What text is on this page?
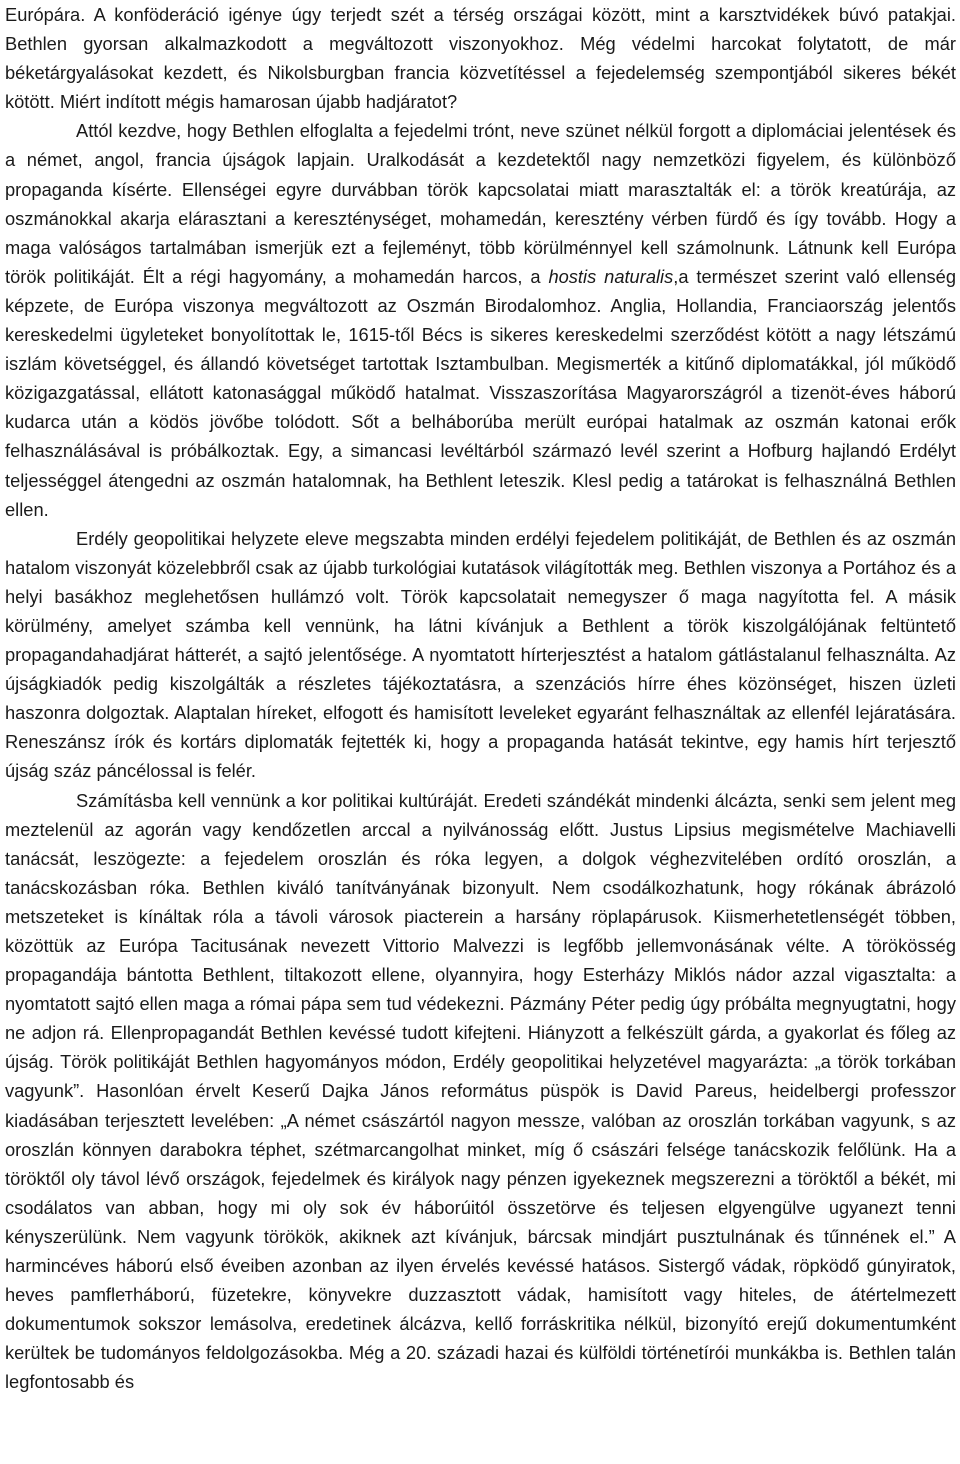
Európára. A konföderáció igénye úgy terjedt szét a térség országai között, mint a karsztvidékek búvó patakjai. Bethlen gyorsan alkalmazkodott a megváltozott viszonyokhoz. Még védelmi harcokat folytatott, de már béketárgyalásokat kezdett, és Nikolsburgban francia közvetítéssel a fejedelemség szempontjából sikeres békét kötött. Miért indított mégis hamarosan újabb hadjáratot?

Attól kezdve, hogy Bethlen elfoglalta a fejedelmi trónt, neve szünet nélkül forgott a diplomáciai jelentések és a német, angol, francia újságok lapjain. Uralkodását a kezdetektől nagy nemzetközi figyelem, és különböző propaganda kísérte. Ellenségei egyre durvábban török kapcsolatai miatt marasztalták el: a török kreatúrája, az oszmánokkal akarja elárasztani a kereszténységet, mohamedán, keresztény vérben fürdő és így tovább. Hogy a maga valóságos tartalmában ismerjük ezt a fejleményt, több körülménnyel kell számolnunk. Látnunk kell Európa török politikáját. Élt a régi hagyomány, a mohamedán harcos, a hostis naturalis,a természet szerint való ellenség képzete, de Európa viszonya megváltozott az Oszmán Birodalomhoz. Anglia, Hollandia, Franciaország jelentős kereskedelmi ügyleteket bonyolítottak le, 1615-től Bécs is sikeres kereskedelmi szerződést kötött a nagy létszámú iszlám követséggel, és állandó követséget tartottak Isztambulban. Megismerték a kitűnő diplomatákkal, jól működő közigazgatással, ellátott katonasággal működő hatalmat. Visszaszorítása Magyarországról a tizenöt-éves háború kudarca után a ködös jövőbe tolódott. Sőt a belháborúba merült európai hatalmak az oszmán katonai erők felhasználásával is próbálkoztak. Egy, a simancasi levéltárból származó levél szerint a Hofburg hajlandó Erdélyt teljességgel átengedni az oszmán hatalomnak, ha Bethlent leteszik. Klesl pedig a tatárokat is felhasználná Bethlen ellen.

Erdély geopolitikai helyzete eleve megszabta minden erdélyi fejedelem politikáját, de Bethlen és az oszmán hatalom viszonyát közelebbről csak az újabb turkológiai kutatások világították meg. Bethlen viszonya a Portához és a helyi basákhoz meglehetősen hullámzó volt. Török kapcsolatait nemegyszer ő maga nagyította fel. A másik körülmény, amelyet számba kell vennünk, ha látni kívánjuk a Bethlent a török kiszolgálójának feltüntető propagandahadjárat hátterét, a sajtó jelentősége. A nyomtatott hírterjesztést a hatalom gátlástalanul felhasználta. Az újságkiadók pedig kiszolgálták a részletes tájékoztatásra, a szenzációs hírre éhes közönséget, hiszen üzleti haszonra dolgoztak. Alaptalan híreket, elfogott és hamisított leveleket egyaránt felhasználtak az ellenfél lejáratására. Reneszánsz írók és kortárs diplomaták fejtették ki, hogy a propaganda hatását tekintve, egy hamis hírt terjesztő újság száz páncélossal is felér.

Számításba kell vennünk a kor politikai kultúráját. Eredeti szándékát mindenki álcázta, senki sem jelent meg meztelenül az agorán vagy kendőzetlen arccal a nyilvánosság előtt. Justus Lipsius megismételve Machiavelli tanácsát, leszögezte: a fejedelem oroszlán és róka legyen, a dolgok véghezvitelében ordító oroszlán, a tanácskozásban róka. Bethlen kiváló tanítványának bizonyult. Nem csodálkozhatunk, hogy rókának ábrázoló metszeteket is kínáltak róla a távoli városok piacterein a harsány röplapárusok. Kiismerhetetlenségét többen, közöttük az Európa Tacitusának nevezett Vittorio Malvezzi is legfőbb jellemvonásának vélte. A törökösség propagandája bántotta Bethlent, tiltakozott ellene, olyannyira, hogy Esterházy Miklós nádor azzal vigasztalta: a nyomtatott sajtó ellen maga a római pápa sem tud védekezni. Pázmány Péter pedig úgy próbálta megnyugtatni, hogy ne adjon rá. Ellenpropagandát Bethlen kevéssé tudott kifejteni. Hiányzott a felkészült gárda, a gyakorlat és főleg az újság. Török politikáját Bethlen hagyományos módon, Erdély geopolitikai helyzetével magyarázta: „a török torkában vagyunk”. Hasonlóan érvelt Keserű Dajka János református püspök is David Pareus, heidelbergi professzor kiadásában terjesztett levelében: „A német császártól nagyon messze, valóban az oroszlán torkában vagyunk, s az oroszlán könnyen darabokra téphet, szétmarcangolhat minket, míg ő császári felsége tanácskozik felőlünk. Ha a töröktől oly távol lévő országok, fejedelmek és királyok nagy pénzen igyekeznek megszerezni a töröktől a békét, mi csodálatos van abban, hogy mi oly sok év háborúitól összetörve és teljesen elgyengülve ugyanezt tenni kényszerülünk. Nem vagyunk törökök, akiknek azt kívánjuk, bárcsak mindjárt pusztulnának és tűnnének el.” A harmincéves háború első éveiben azonban az ilyen érvelés kevéssé hatásos. Sistergő vádak, röpködő gúnyiratok, heves pamflетháború, füzetekre, könyvekre duzzasztott vádak, hamisított vagy hiteles, de átértelmezett dokumentumok sokszor lemásolva, eredetinek álcázva, kellő forráskritika nélkül, bizonyító erejű dokumentumként kerültek be tudományos feldolgozásokba. Még a 20. századi hazai és külföldi történetírói munkákba is. Bethlen talán legfontosabb és
